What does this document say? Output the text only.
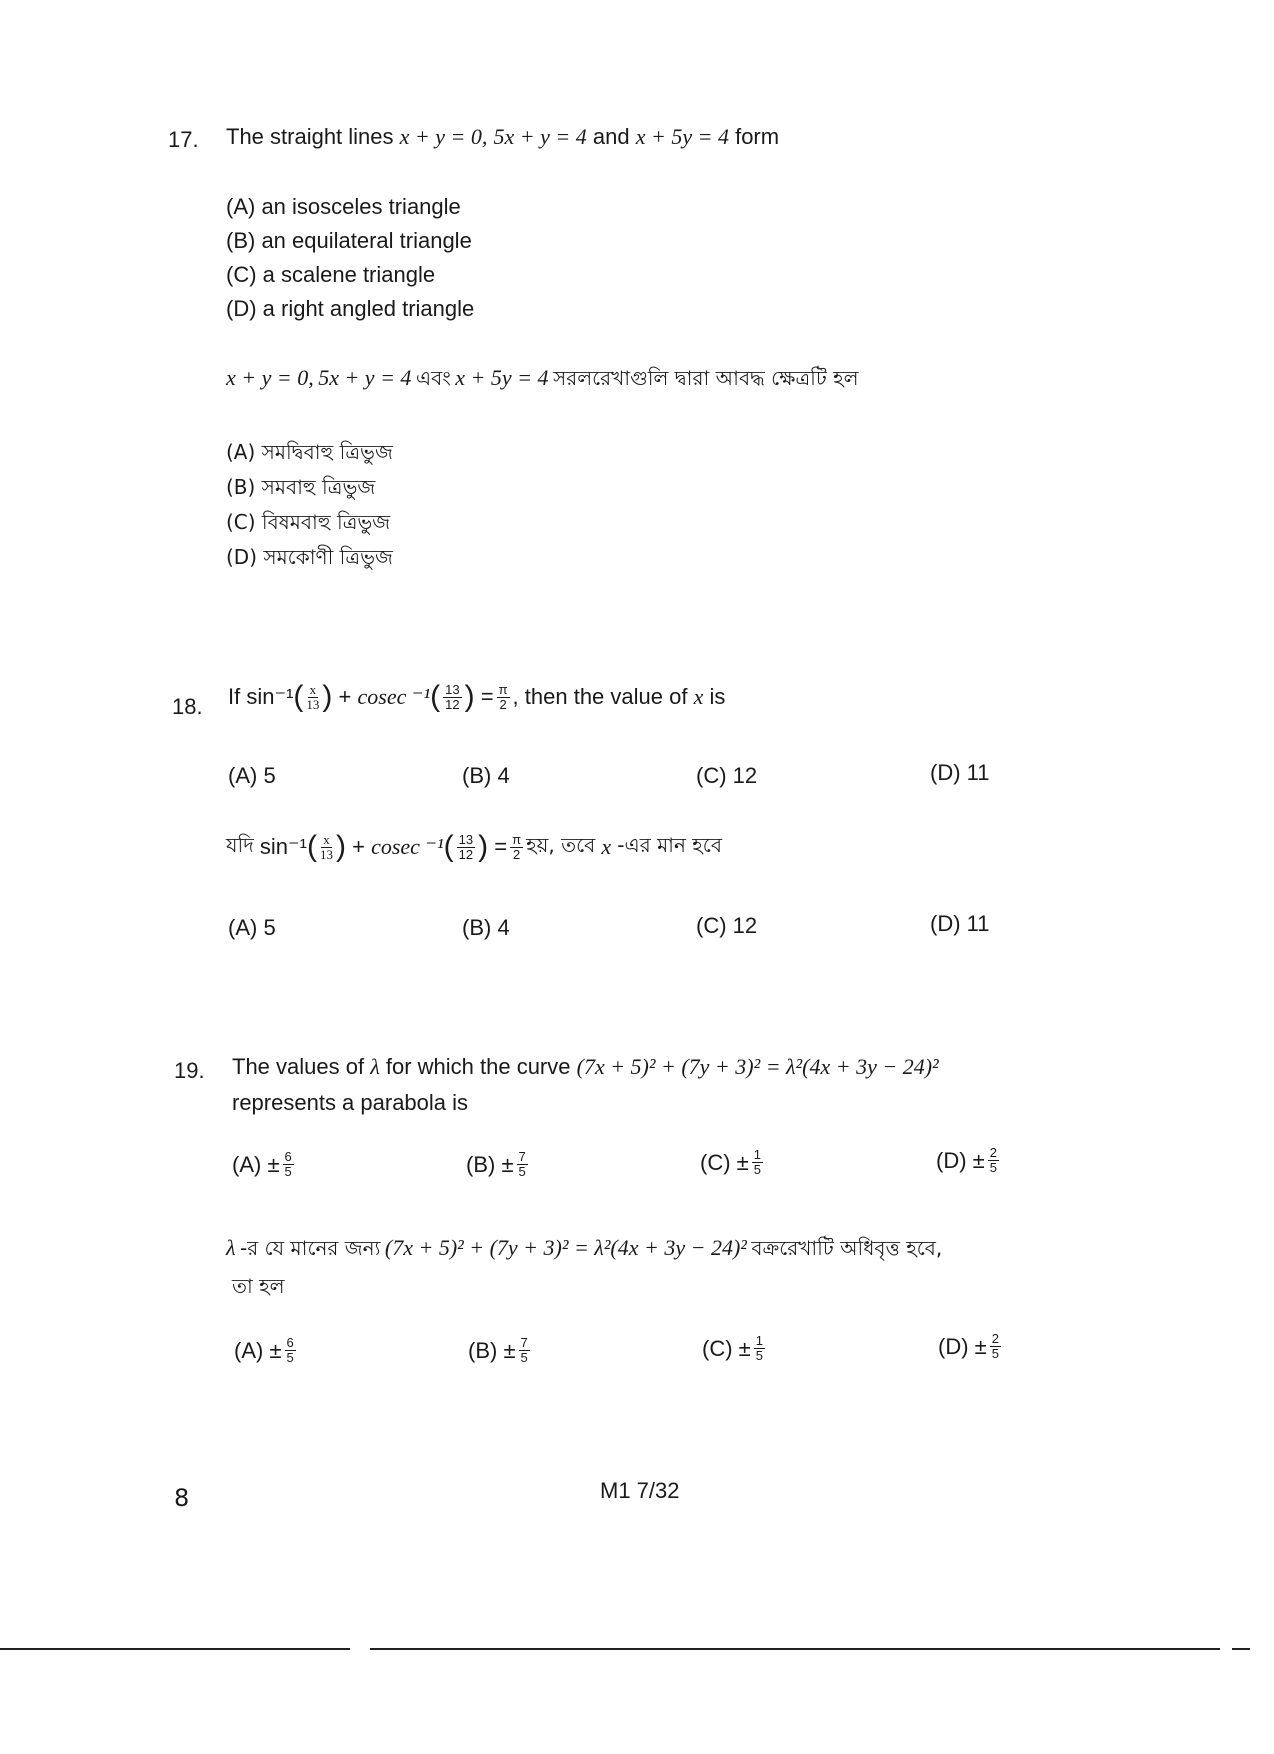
17. The straight lines x + y = 0, 5x + y = 4 and x + 5y = 4 form
(A) an isosceles triangle
(B) an equilateral triangle
(C) a scalene triangle
(D) a right angled triangle
x + y = 0, 5x + y = 4 এবং x + 5y = 4 সরলরেখাগুলি দ্বারা আবদ্ধ ক্ষেত্রটি হল
(A) সমদ্বিবাহু ত্রিভুজ
(B) সমবাহু ত্রিভুজ
(C) বিষমবাহু ত্রিভুজ
(D) সমকোণী ত্রিভুজ
18. If
sin⁻¹ ( $\frac{x}{13}$ )
+
cosec ⁻¹ ( $\frac{13}{12}$ )
= $\frac{\pi}{2}$ , then the value of
x
is
(A) 5	(B) 4	(C) 12	(D) 11
যদি
sin⁻¹ ( $\frac{x}{13}$ )
+
cosec ⁻¹ ( $\frac{13}{12}$ )
= $\frac{\pi}{2}$ হয়, তবে
x
-এর মান হবে
(A) 5	(B) 4	(C) 12	(D) 11
19. The values of λ for which the curve (7x + 5)² + (7y + 3)² = λ²(4x + 3y − 24)²
represents a parabola is
$(A) \pm \frac{6}{5}$	$(B) \pm \frac{7}{5}$	$(C) \pm \frac{1}{5}$	$(D) \pm \frac{2}{5}$
λ -র যে মানের জন্য (7x + 5)² + (7y + 3)² = λ²(4x + 3y − 24)² বক্ররেখাটি অধিবৃত্ত হবে,
তা হল
$(A) \pm \frac{6}{5}$	$(B) \pm \frac{7}{5}$	$(C) \pm \frac{1}{5}$	$(D) \pm \frac{2}{5}$
8	M1 7/32
